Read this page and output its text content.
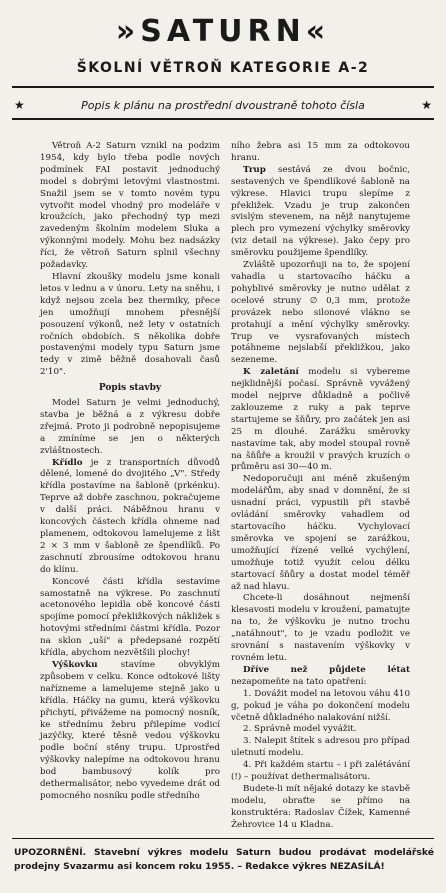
»SATURN«
ŠKOLNÍ VĚTROŇ KATEGORIE A-2
★	Popis k plánu na prostřední dvoustraně tohoto čísla	★

Větroň A-2 Saturn vznikl na podzim 1954, kdy bylo třeba podle nových podmínek FAI postavit jednoduchý model s dobrými letovými vlastnostmi. Snažil jsem se v tomto novém typu vytvořit model vhodný pro modeláře v kroužcích, jako přechodný typ mezi zavedeným školním modelem Sluka a výkonnými modely. Mohu bez nadsázky říci, že větroň Saturn splnil všechny požadavky.

Hlavní zkoušky modelu jsme konali letos v lednu a v únoru. Lety na sněhu, i když nejsou zcela bez thermiky, přece jen umožňují mnohem přesnější posouzení výkonů, než lety v ostatních ročních obdobích. S několika dobře postavenými modely typu Saturn jsme tedy v zimě běžně dosahovali časů 2'10".

Popis stavby

Model Saturn je velmi jednoduchý, stavba je běžná a z výkresu dobře zřejmá. Proto ji podrobně nepopisujeme a zmíníme se jen o některých zvláštnostech.

Křídlo je z transportních důvodů dělené, lomené do dvojitého „V". Středy křídla postavíme na šabloně (prkénku). Teprve až dobře zaschnou, pokračujeme v další práci. Náběžnou hranu v koncových částech křídla ohneme nad plamenem, odtokovou lamelujeme z lišt 2 × 3 mm v šabloně ze špendlíků. Po zaschnutí zbrousíme odtokovou hranu do klínu.

Koncové části křídla sestavíme samostatně na výkrese. Po zaschnutí acetonového lepidla obě koncové části spojíme pomocí překližkových nákližek s hotovými středními částmi křídla. Pozor na sklon „uší" a předepsané rozpětí křídla, abychom nezvětšili plochy!

Výškovku stavíme obvyklým způsobem v celku. Konce odtokové lišty nařízneme a lamelujeme stejně jako u křídla. Háčky na gumu, která výškovku přichytí, přivážeme na pomocný nosník, ke střednímu žebru přilepíme vodicí jazýčky, které těsně vedou výškovku podle boční stěny trupu. Uprostřed výškovky nalepíme na odtokovou hranu bod bambusový kolík pro dethermalisátor, nebo vyvedeme drát od pomocného nosníku podle středního

ního žebra asi 15 mm za odtokovou hranu.

Trup sestává ze dvou bočnic, sestavených ve špendlíkové šabloně na výkrese. Hlavici trupu slepíme z překližek. Vzadu je trup zakončen svislým stevenem, na nějž nanytujeme plech pro vymezení výchylky směrovky (viz detail na výkrese). Jako čepy pro směrovku použijeme špendlíky.

Zvláště upozorňuji na to, že spojení vahadla u startovacího háčku a pohyblivé směrovky je nutno udělat z ocelové struny ∅ 0,3 mm, protože provázek nebo silonové vlákno se protahují a mění výchylky směrovky. Trup ve vysrafovaných místech potáhneme nejslabší překližkou, jako sezeneme.

K zaletání modelu si vybereme nejklidnější počasí. Správně vyvážený model nejprve důkladně a počlivě zaklouzeme z ruky a pak teprve startujeme se šňůry, pro začátek jen asi 25 m dlouhé. Zarážku směrovky nastavíme tak, aby model stoupal rovně na šňůře a kroužil v pravých kruzích o průměru asi 30—40 m.

Nedoporučuji ani méně zkušeným modelářům, aby snad v domnění, že si usnadní práci, vypustili při stavbě ovládání směrovky vahadlem od startovacího háčku. Vychylovací směrovka ve spojení se zarážkou, umožňující řízené velké vychýlení, umožňuje totiž využít celou délku startovací šňůry a dostat model téměř až nad hlavu.

Chcete-li dosáhnout nejmenší klesavosti modelu v kroužení, pamatujte na to, že výškovku je nutno trochu „natáhnout", to je vzadu podložit ve srovnání s nastavením výškovky v rovném letu.

Dříve než půjdete létat nezapomeňte na tato opatření:

1. Dovážit model na letovou váhu 410 g, pokud je váha po dokončení modelu včetně důkladného nalakování nižší.

2. Správně model vyvážit.

3. Nalepit štítek s adresou pro případ uletnutí modelu.

4. Při každém startu – i při zalétávání (!) – používat dethermalisátoru.

Budete-li mít nějaké dotazy ke stavbě modelu, obraťte se přímo na konstruktéra: Radoslav Čížek, Kamenné Žehrovice 14 u Kladna.

UPOZORNĚNÍ. Stavební výkres modelu Saturn budou prodávat modelářské prodejny Svazarmu asi koncem roku 1955. – Redakce výkres NEZASÍLÁ!
